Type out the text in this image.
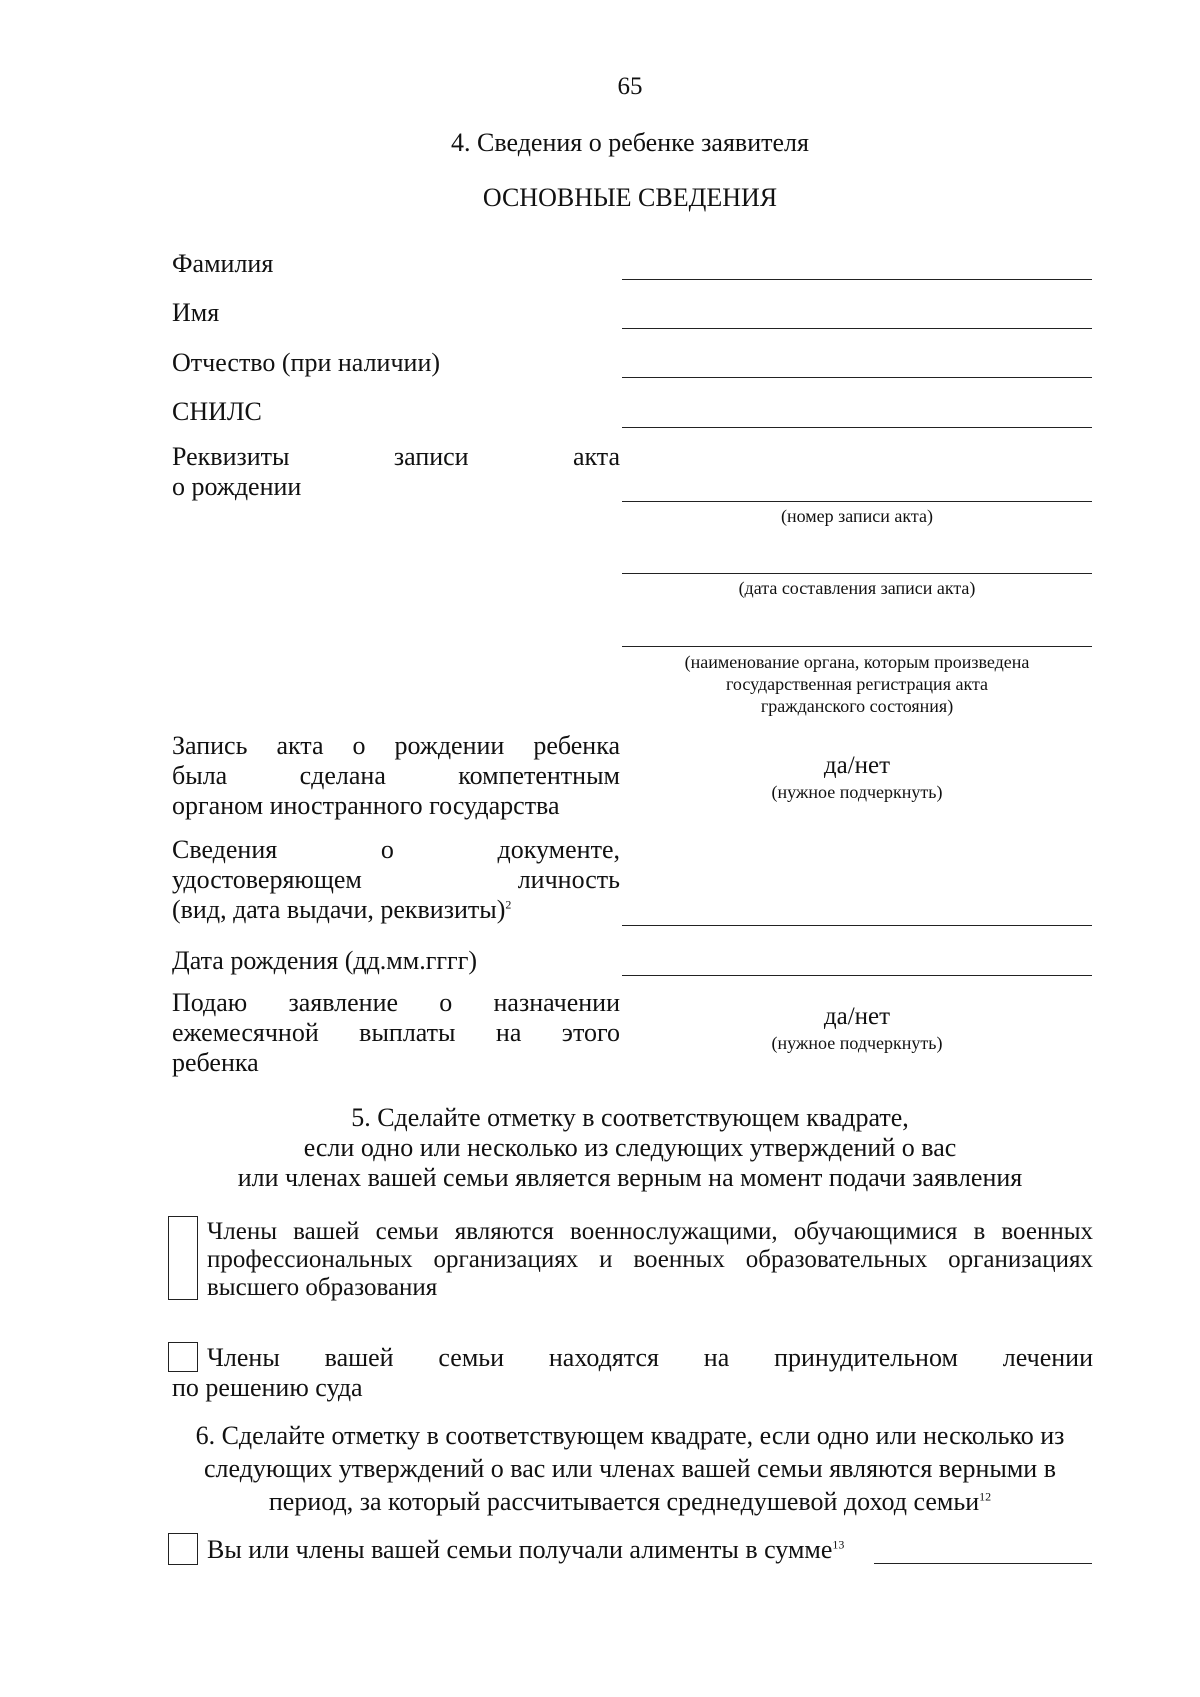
65
4. Сведения о ребенке заявителя
ОСНОВНЫЕ СВЕДЕНИЯ
Фамилия
Имя
Отчество (при наличии)
СНИЛС
Реквизиты записи акта
о рождении
(номер записи акта)
(дата составления записи акта)
(наименование органа, которым произведена
государственная регистрация акта
гражданского состояния)
Запись акта о рождении ребенка
была сделана компетентным
органом иностранного государства
да/нет
(нужное подчеркнуть)
Сведения о документе,
удостоверяющем личность
(вид, дата выдачи, реквизиты)$^2$
Дата рождения (дд.мм.гггг)
Подаю заявление о назначении
ежемесячной выплаты на этого
ребенка
да/нет
(нужное подчеркнуть)
5. Сделайте отметку в соответствующем квадрате,
если одно или несколько из следующих утверждений о вас
или членах вашей семьи является верным на момент подачи заявления
Члены вашей семьи являются военнослужащими, обучающимися в военных профессиональных организациях и военных образовательных организациях высшего образования
Члены вашей семьи находятся на принудительном лечении
по решению суда
6. Сделайте отметку в соответствующем квадрате, если одно или несколько из
следующих утверждений о вас или членах вашей семьи являются верными в
период, за который рассчитывается среднедушевой доход семьи$^{12}$
Вы или члены вашей семьи получали алименты в сумме$^{13}$
